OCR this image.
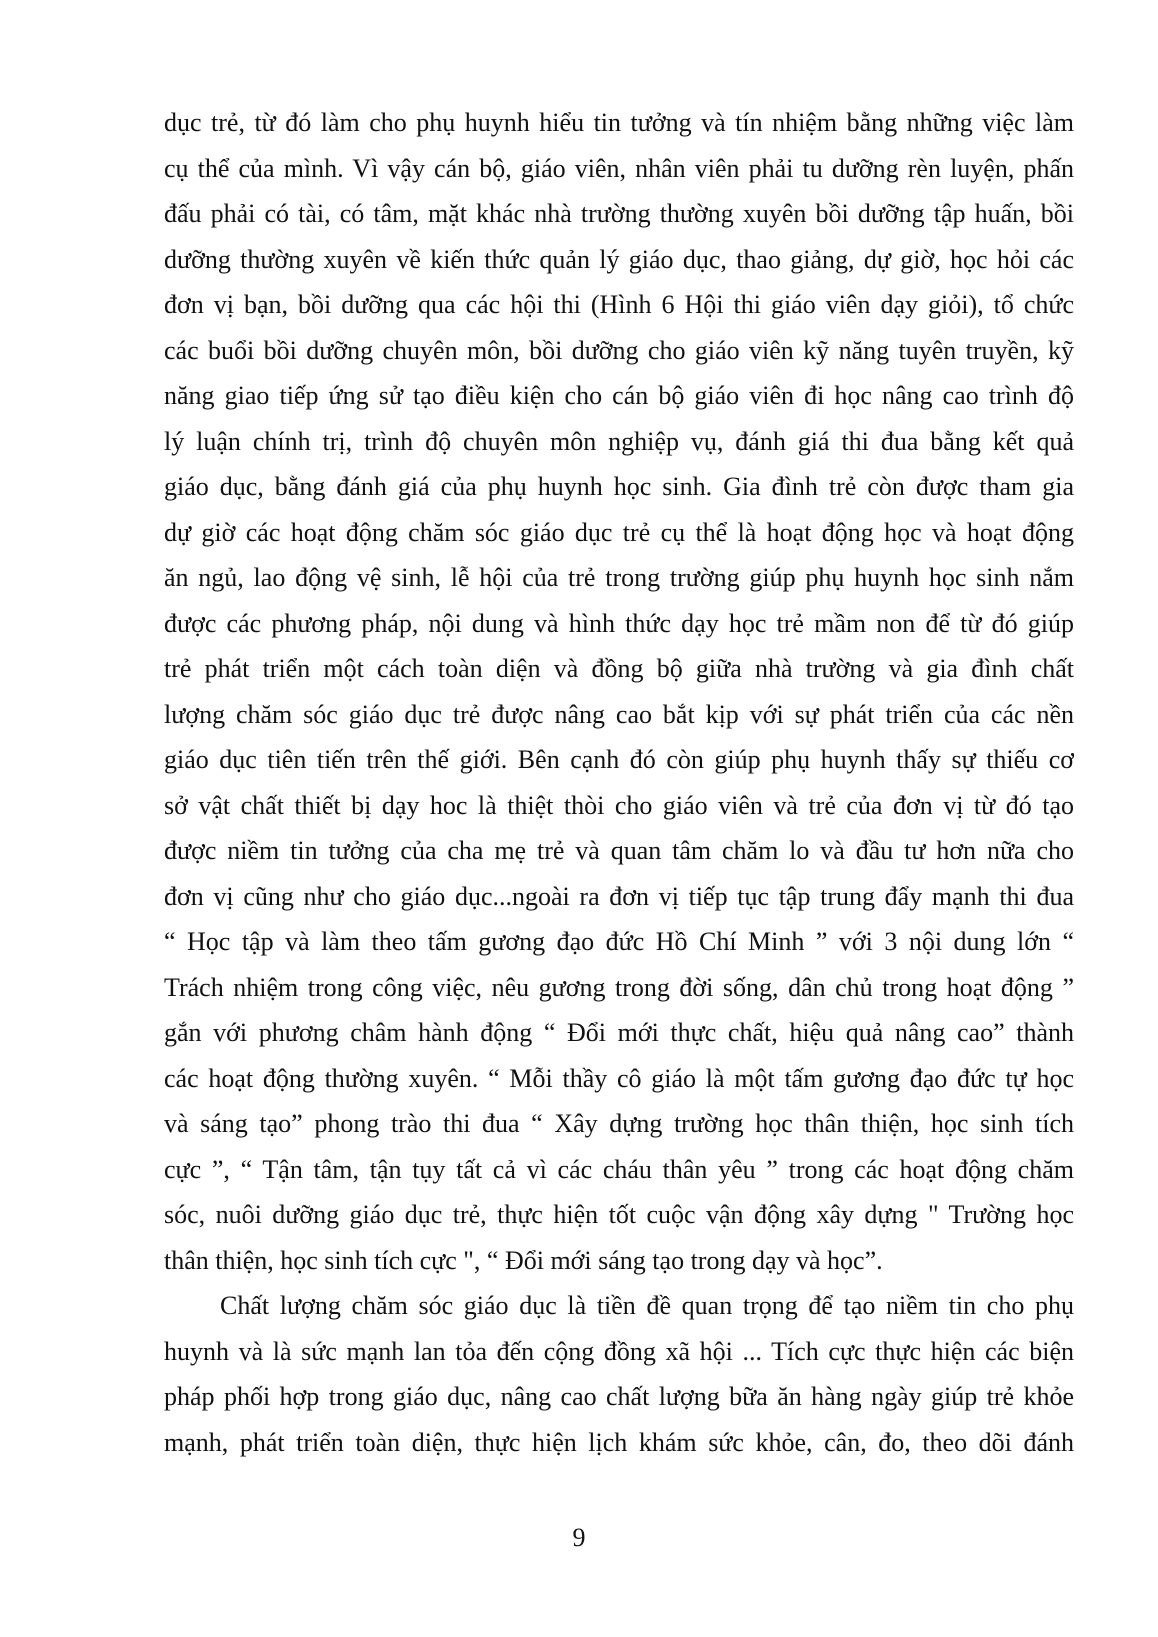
dục trẻ, từ đó làm cho phụ huynh hiểu tin tưởng và tín nhiệm bằng những việc làm
cụ thể của mình. Vì vậy cán bộ, giáo viên, nhân viên phải tu dưỡng rèn luyện, phấn
đấu phải có tài, có tâm, mặt khác nhà trường thường xuyên bồi dưỡng tập huấn, bồi
dưỡng thường xuyên về kiến thức quản lý giáo dục, thao giảng, dự giờ, học hỏi các
đơn vị bạn, bồi dưỡng qua các hội thi (Hình 6 Hội thi giáo viên dạy giỏi), tổ chức
các buổi bồi dưỡng chuyên môn, bồi dưỡng cho giáo viên kỹ năng tuyên truyền, kỹ
năng giao tiếp ứng sử tạo điều kiện cho cán bộ giáo viên đi học nâng cao trình độ
lý luận chính trị, trình độ chuyên môn nghiệp vụ, đánh giá thi đua bằng kết quả
giáo dục, bằng đánh giá của phụ huynh học sinh. Gia đình trẻ còn được tham gia
dự giờ các hoạt động chăm sóc giáo dục trẻ cụ thể là hoạt động học và hoạt động
ăn ngủ, lao động vệ sinh, lễ hội của trẻ trong trường giúp phụ huynh học sinh nắm
được các phương pháp, nội dung và hình thức dạy học trẻ mầm non để từ đó giúp
trẻ phát triển một cách toàn diện và đồng bộ giữa nhà trường và gia đình chất
lượng chăm sóc giáo dục trẻ được nâng cao bắt kịp với sự phát triển của các nền
giáo dục tiên tiến trên thế giới. Bên cạnh đó còn giúp phụ huynh thấy sự thiếu cơ
sở vật chất thiết bị dạy hoc là thiệt thòi cho giáo viên và trẻ của đơn vị từ đó tạo
được niềm tin tưởng của cha mẹ trẻ và quan tâm chăm lo và đầu tư hơn nữa cho
đơn vị cũng như cho giáo dục...ngoài ra đơn vị tiếp tục tập trung đẩy mạnh thi đua
“ Học tập và làm theo tấm gương đạo đức Hồ Chí Minh ” với 3 nội dung lớn “
Trách nhiệm trong công việc, nêu gương trong đời sống, dân chủ trong hoạt động ”
gắn với phương châm hành động “ Đổi mới thực chất, hiệu quả nâng cao” thành
các hoạt động thường xuyên. “ Mỗi thầy cô giáo là một tấm gương đạo đức tự học
và sáng tạo” phong trào thi đua “ Xây dựng trường học thân thiện, học sinh tích
cực ”, “ Tận tâm, tận tụy tất cả vì các cháu thân yêu ” trong các hoạt động chăm
sóc, nuôi dưỡng giáo dục trẻ, thực hiện tốt cuộc vận động xây dựng " Trường học
thân thiện, học sinh tích cực ", “ Đổi mới sáng tạo trong dạy và học”.
Chất lượng chăm sóc giáo dục là tiền đề quan trọng để tạo niềm tin cho phụ
huynh và là sức mạnh lan tỏa đến cộng đồng xã hội ... Tích cực thực hiện các biện
pháp phối hợp trong giáo dục, nâng cao chất lượng bữa ăn hàng ngày giúp trẻ khỏe
mạnh, phát triển toàn diện, thực hiện lịch khám sức khỏe, cân, đo, theo dõi đánh
9
